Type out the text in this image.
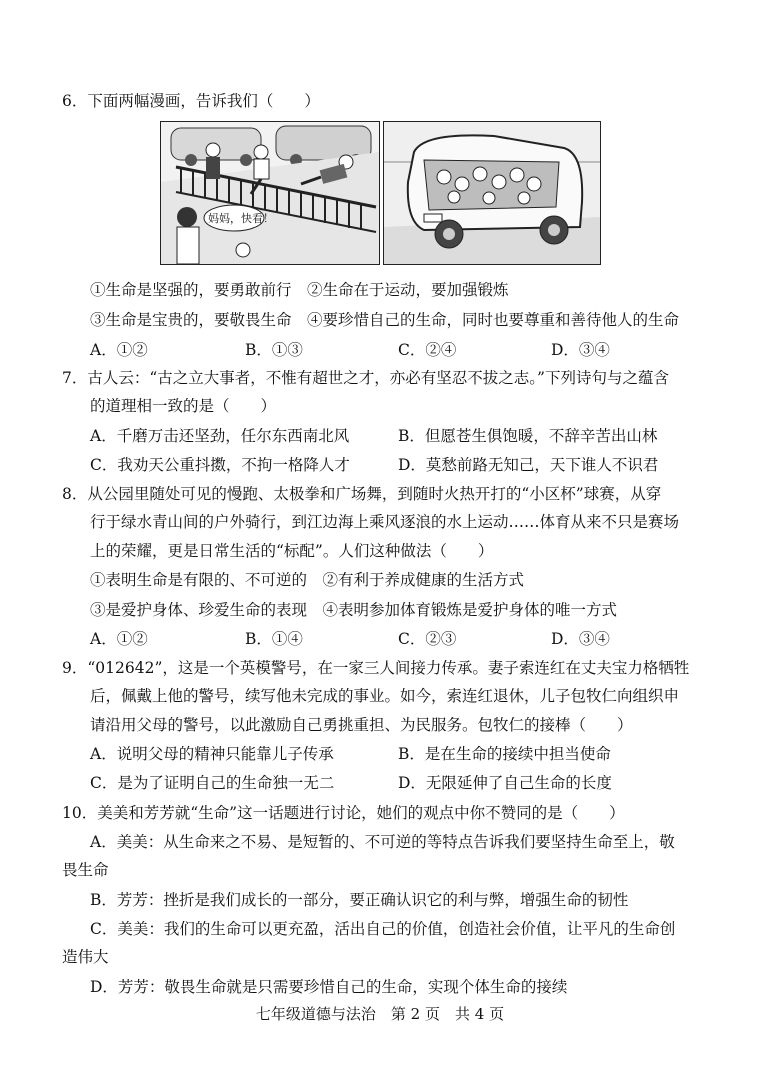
6．下面两幅漫画，告诉我们（　　）
妈妈，快看！
①生命是坚强的，要勇敢前行　②生命在于运动，要加强锻炼
③生命是宝贵的，要敬畏生命　④要珍惜自己的生命，同时也要尊重和善待他人的生命
A．①②	B．①③	C．②④	D．③④
7．古人云：“古之立大事者，不惟有超世之才，亦必有坚忍不拔之志。”下列诗句与之蕴含
的道理相一致的是（　　）
A．千磨万击还坚劲，任尔东西南北风	B．但愿苍生俱饱暖，不辞辛苦出山林
C．我劝天公重抖擞，不拘一格降人才	D．莫愁前路无知己，天下谁人不识君
8．从公园里随处可见的慢跑、太极拳和广场舞，到随时火热开打的“小区杯”球赛，从穿
行于绿水青山间的户外骑行，到江边海上乘风逐浪的水上运动……体育从来不只是赛场
上的荣耀，更是日常生活的“标配”。人们这种做法（　　）
①表明生命是有限的、不可逆的　②有利于养成健康的生活方式
③是爱护身体、珍爱生命的表现　④表明参加体育锻炼是爱护身体的唯一方式
A．①②	B．①④	C．②③	D．③④
9．“012642”，这是一个英模警号，在一家三人间接力传承。妻子索连红在丈夫宝力格牺牲
后，佩戴上他的警号，续写他未完成的事业。如今，索连红退休，儿子包牧仁向组织申
请沿用父母的警号，以此激励自己勇挑重担、为民服务。包牧仁的接棒（　　）
A．说明父母的精神只能靠儿子传承	B．是在生命的接续中担当使命
C．是为了证明自己的生命独一无二	D．无限延伸了自己生命的长度
10．美美和芳芳就“生命”这一话题进行讨论，她们的观点中你不赞同的是（　　）
A．美美：从生命来之不易、是短暂的、不可逆的等特点告诉我们要坚持生命至上，敬
畏生命
B．芳芳：挫折是我们成长的一部分，要正确认识它的利与弊，增强生命的韧性
C．美美：我们的生命可以更充盈，活出自己的价值，创造社会价值，让平凡的生命创
造伟大
D．芳芳：敬畏生命就是只需要珍惜自己的生命，实现个体生命的接续
七年级道德与法治　第 2 页　共 4 页
